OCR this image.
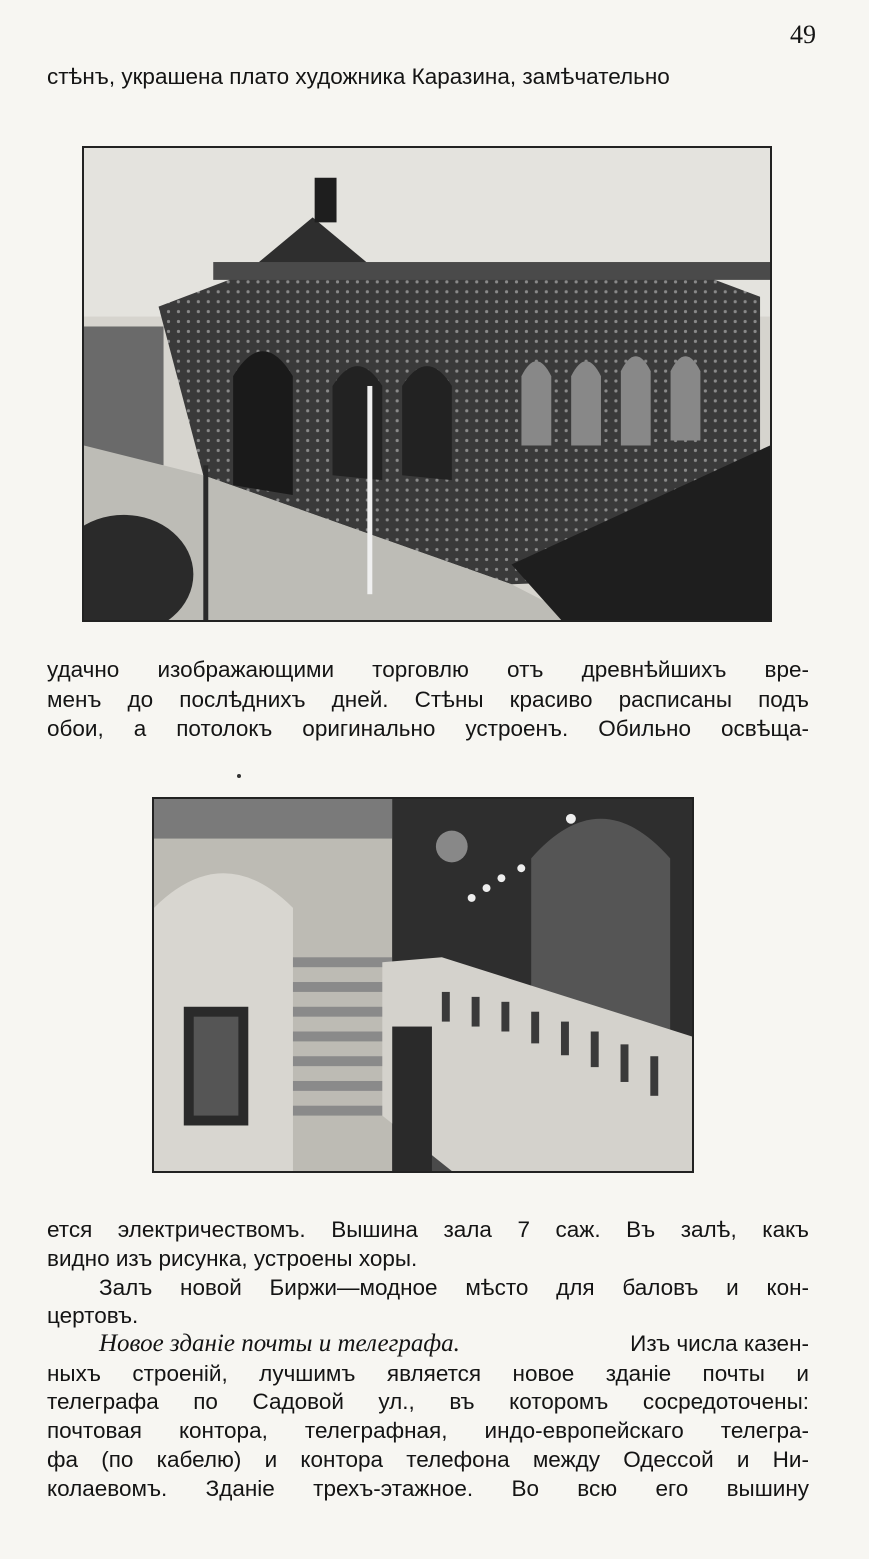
49
стѣнъ, украшена плато художника Каразина, замѣчательно
удачно изображающими торговлю отъ древнѣйшихъ вре-
менъ до послѣднихъ дней. Стѣны красиво расписаны подъ
обои, а потолокъ оригинально устроенъ. Обильно освѣща-
ется электричествомъ. Вышина зала 7 саж. Въ залѣ, какъ
видно изъ рисунка, устроены хоры.
Залъ новой Биржи—модное мѣсто для баловъ и кон-
цертовъ.
Новое зданіе почты и телеграфа.	Изъ числа казен-
ныхъ строеній, лучшимъ является новое зданіе почты и
телеграфа по Садовой ул., въ которомъ сосредоточены:
почтовая контора, телеграфная, индо-европейскаго телегра-
фа (по кабелю) и контора телефона между Одессой и Ни-
колаевомъ. Зданіе трехъ-этажное. Во всю его вышину
